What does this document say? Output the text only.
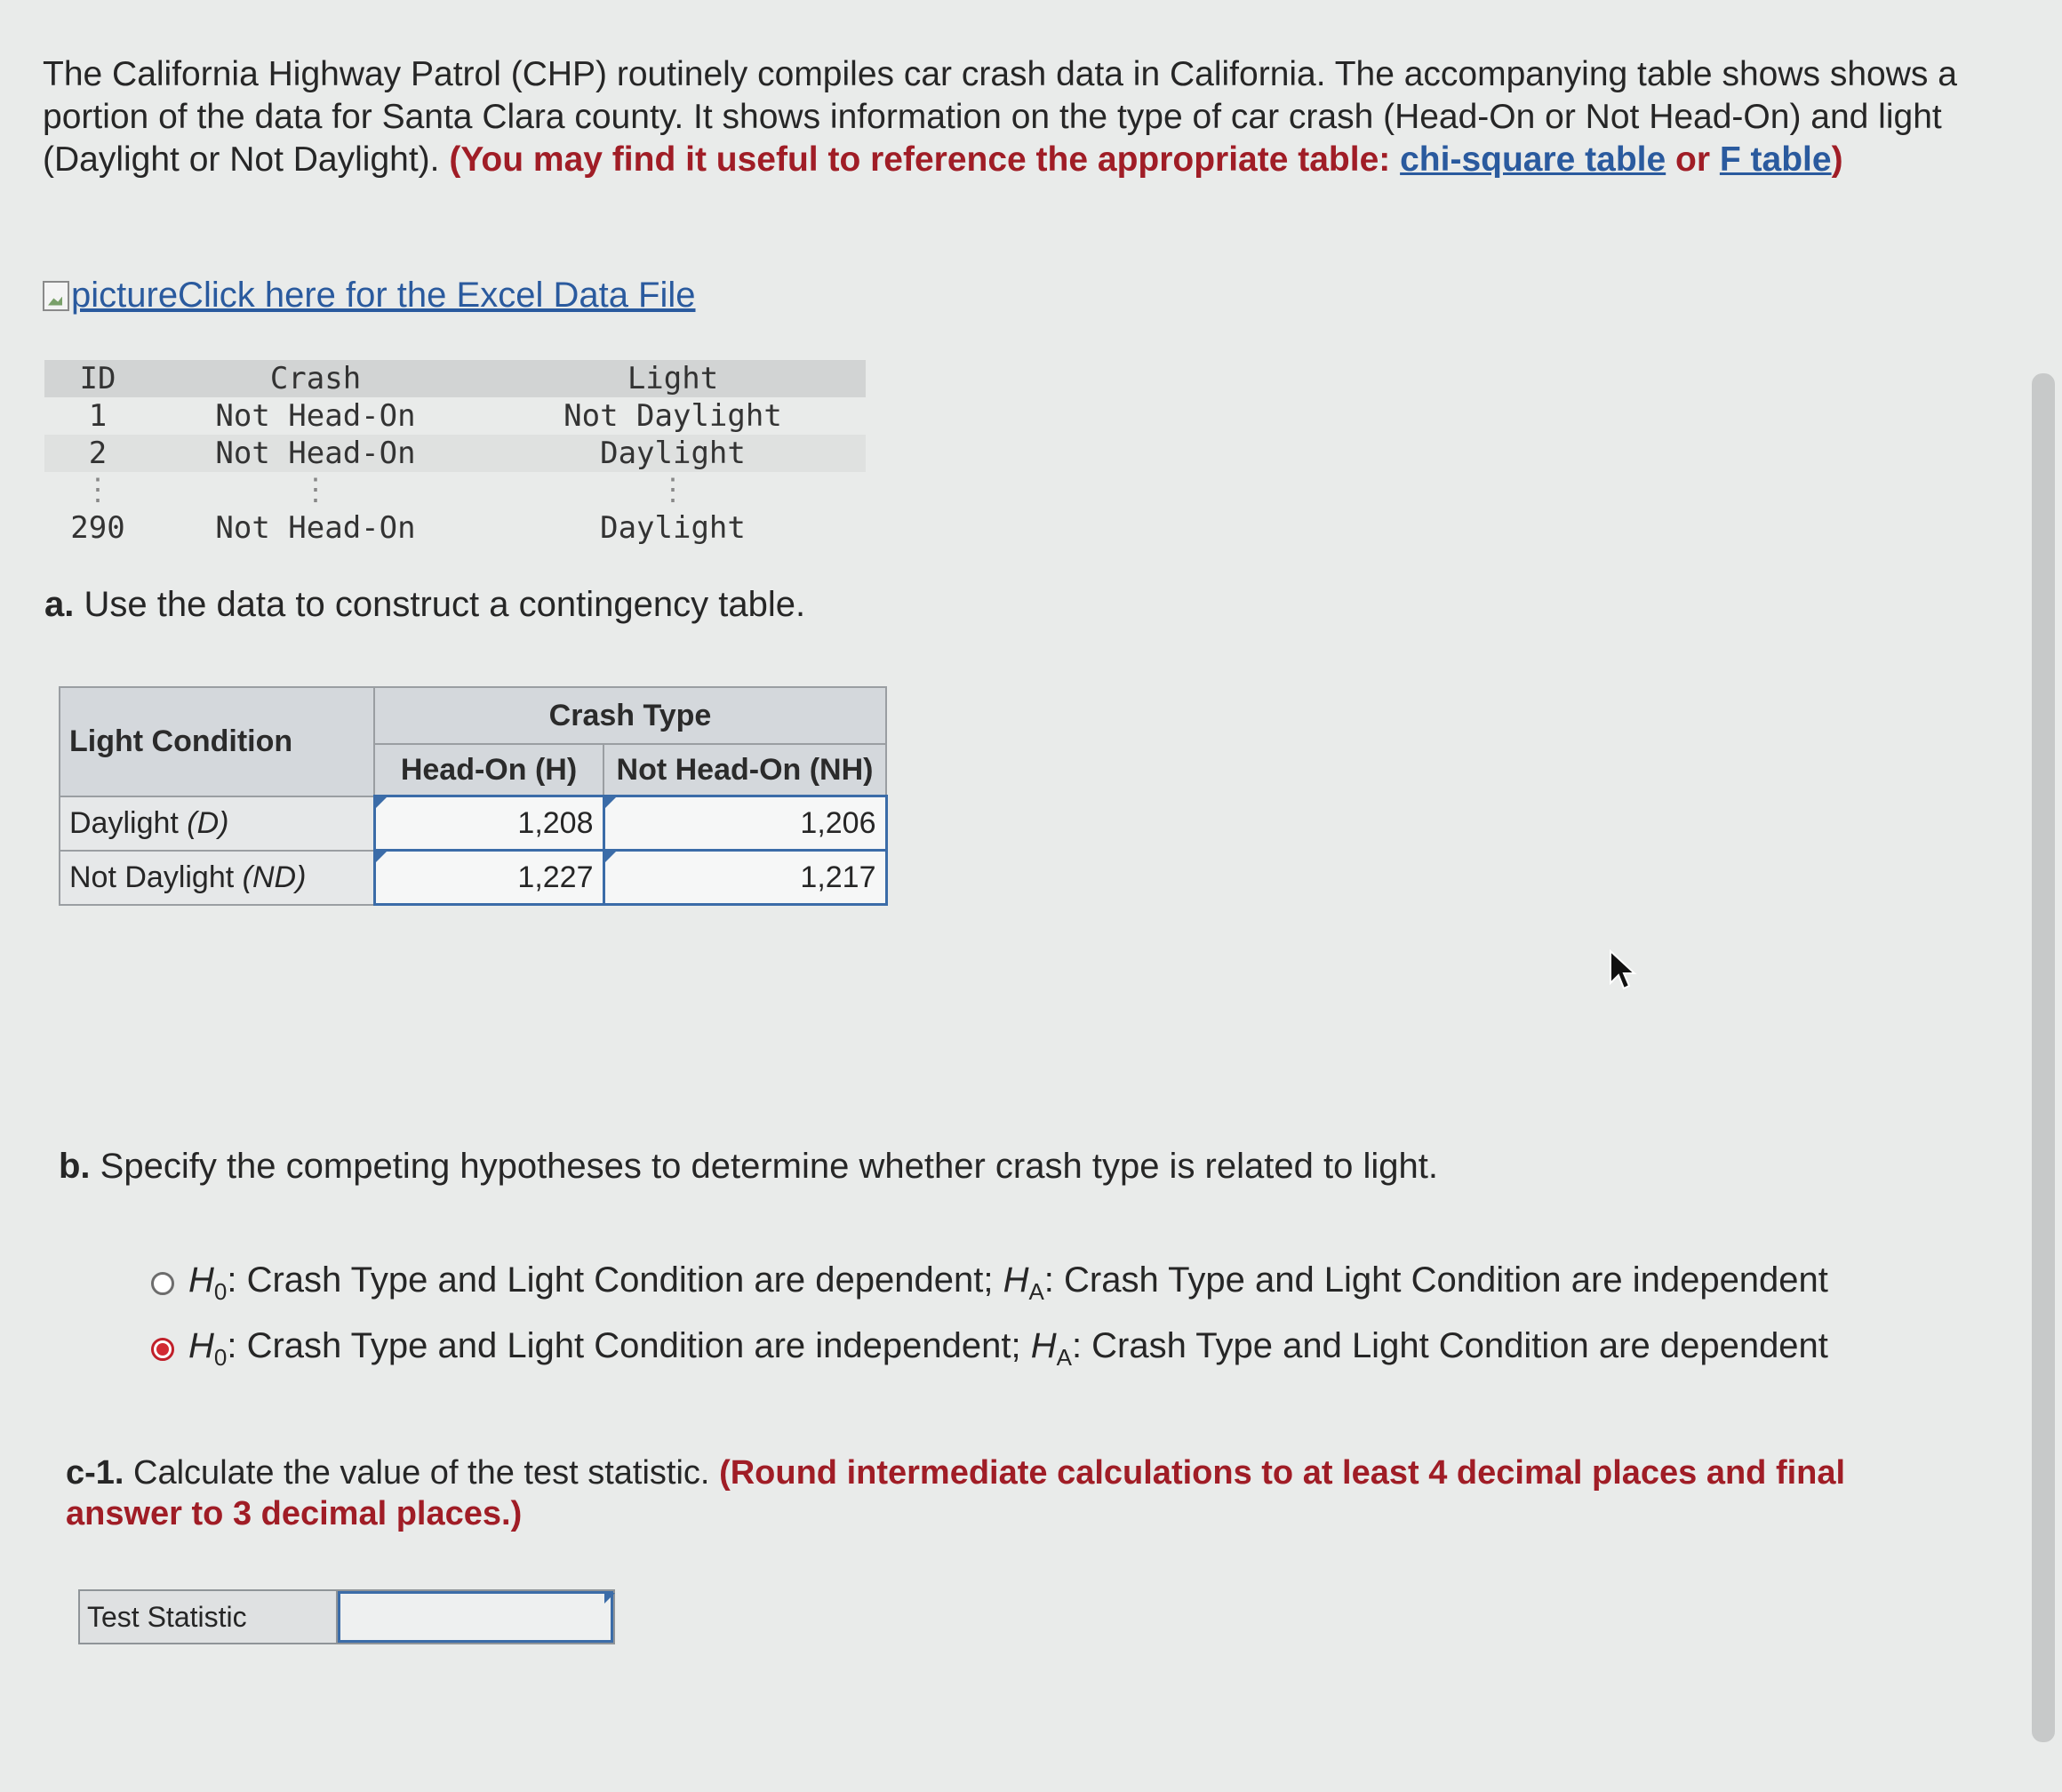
The California Highway Patrol (CHP) routinely compiles car crash data in California. The accompanying table shows shows a portion of the data for Santa Clara county. It shows information on the type of car crash (Head-On or Not Head-On) and light (Daylight or Not Daylight). (You may find it useful to reference the appropriate table: chi-square table or F table)

pictureClick here for the Excel Data File
ID	Crash	Light
1	Not Head-On	Not Daylight
2	Not Head-On	Daylight
⋮	⋮	⋮
290	Not Head-On	Daylight

a. Use the data to construct a contingency table.

Light Condition	Crash Type	
	Head-On (H)	Not Head-On (NH)
Daylight (D)	1,208	1,206
Not Daylight (ND)	1,227	1,217

b. Specify the competing hypotheses to determine whether crash type is related to light.

$H_0$: Crash Type and Light Condition are dependent; $H_A$: Crash Type and Light Condition are independent
$H_0$: Crash Type and Light Condition are independent; $H_A$: Crash Type and Light Condition are dependent

c-1. Calculate the value of the test statistic. (Round intermediate calculations to at least 4 decimal places and final answer to 3 decimal places.)

Test Statistic
